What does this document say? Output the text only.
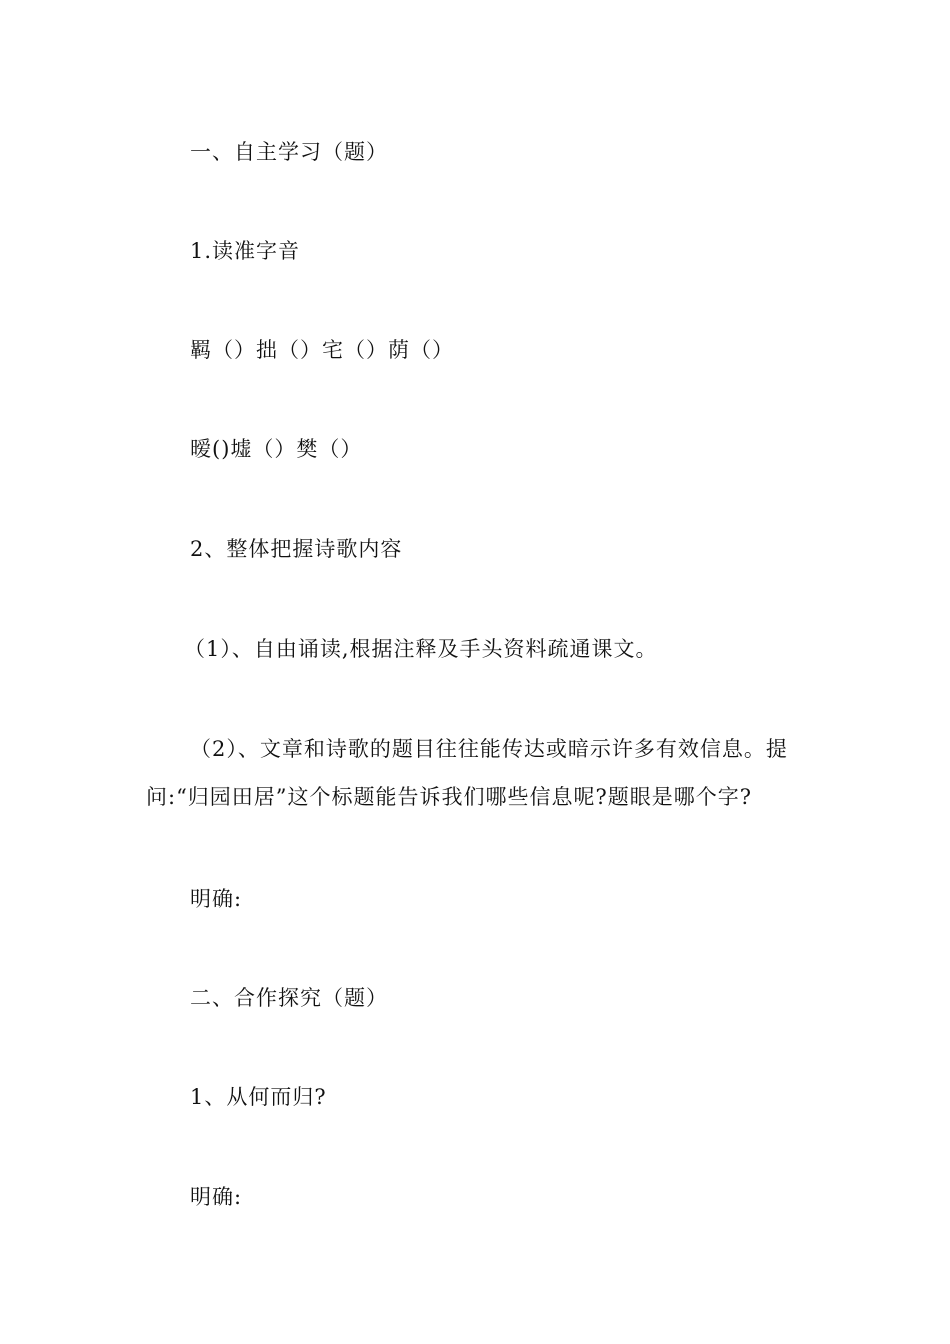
一、自主学习（题）
1.读准字音
羁（）拙（）宅（）荫（）
暧()墟（）樊（）
2、整体把握诗歌内容
（1）、自由诵读,根据注释及手头资料疏通课文。
（2）、文章和诗歌的题目往往能传达或暗示许多有效信息。提问:“归园田居”这个标题能告诉我们哪些信息呢?题眼是哪个字?
明确:
二、合作探究（题）
1、从何而归?
明确:
